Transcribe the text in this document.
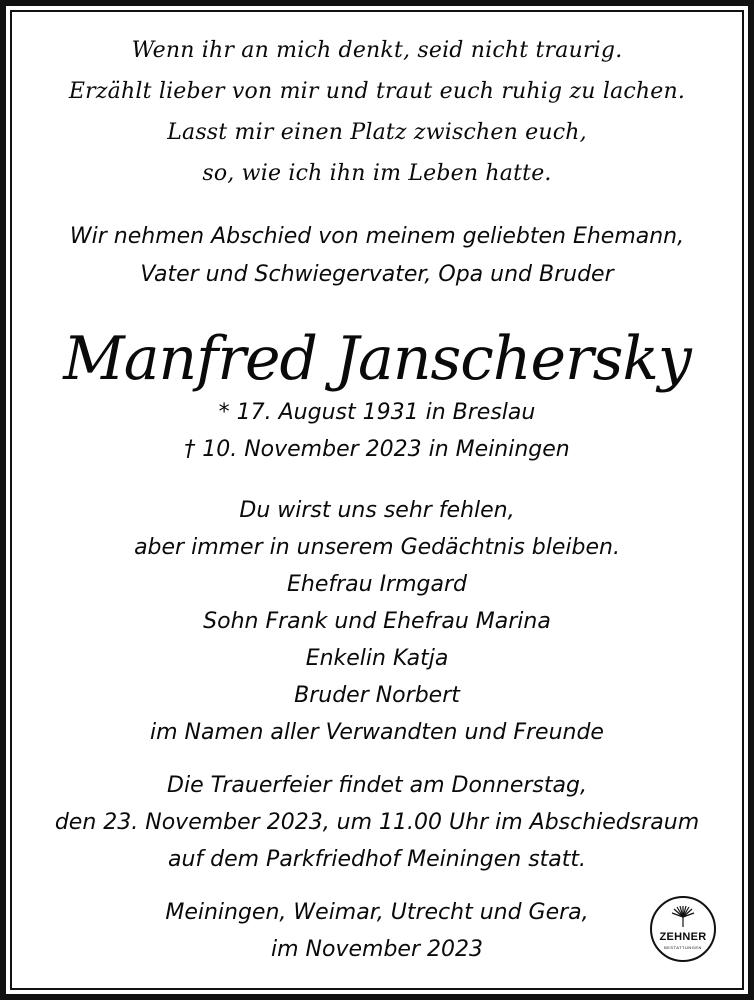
Wenn ihr an mich denkt, seid nicht traurig.
Erzählt lieber von mir und traut euch ruhig zu lachen.
Lasst mir einen Platz zwischen euch,
so, wie ich ihn im Leben hatte.
Wir nehmen Abschied von meinem geliebten Ehemann,
Vater und Schwiegervater, Opa und Bruder
Manfred Janschersky
* 17. August 1931 in Breslau
† 10. November 2023 in Meiningen
Du wirst uns sehr fehlen,
aber immer in unserem Gedächtnis bleiben.
Ehefrau Irmgard
Sohn Frank und Ehefrau Marina
Enkelin Katja
Bruder Norbert
im Namen aller Verwandten und Freunde
Die Trauerfeier findet am Donnerstag,
den 23. November 2023, um 11.00 Uhr im Abschiedsraum
auf dem Parkfriedhof Meiningen statt.
Meiningen, Weimar, Utrecht und Gera,
im November 2023	ZEHNER
BESTATTUNGEN
